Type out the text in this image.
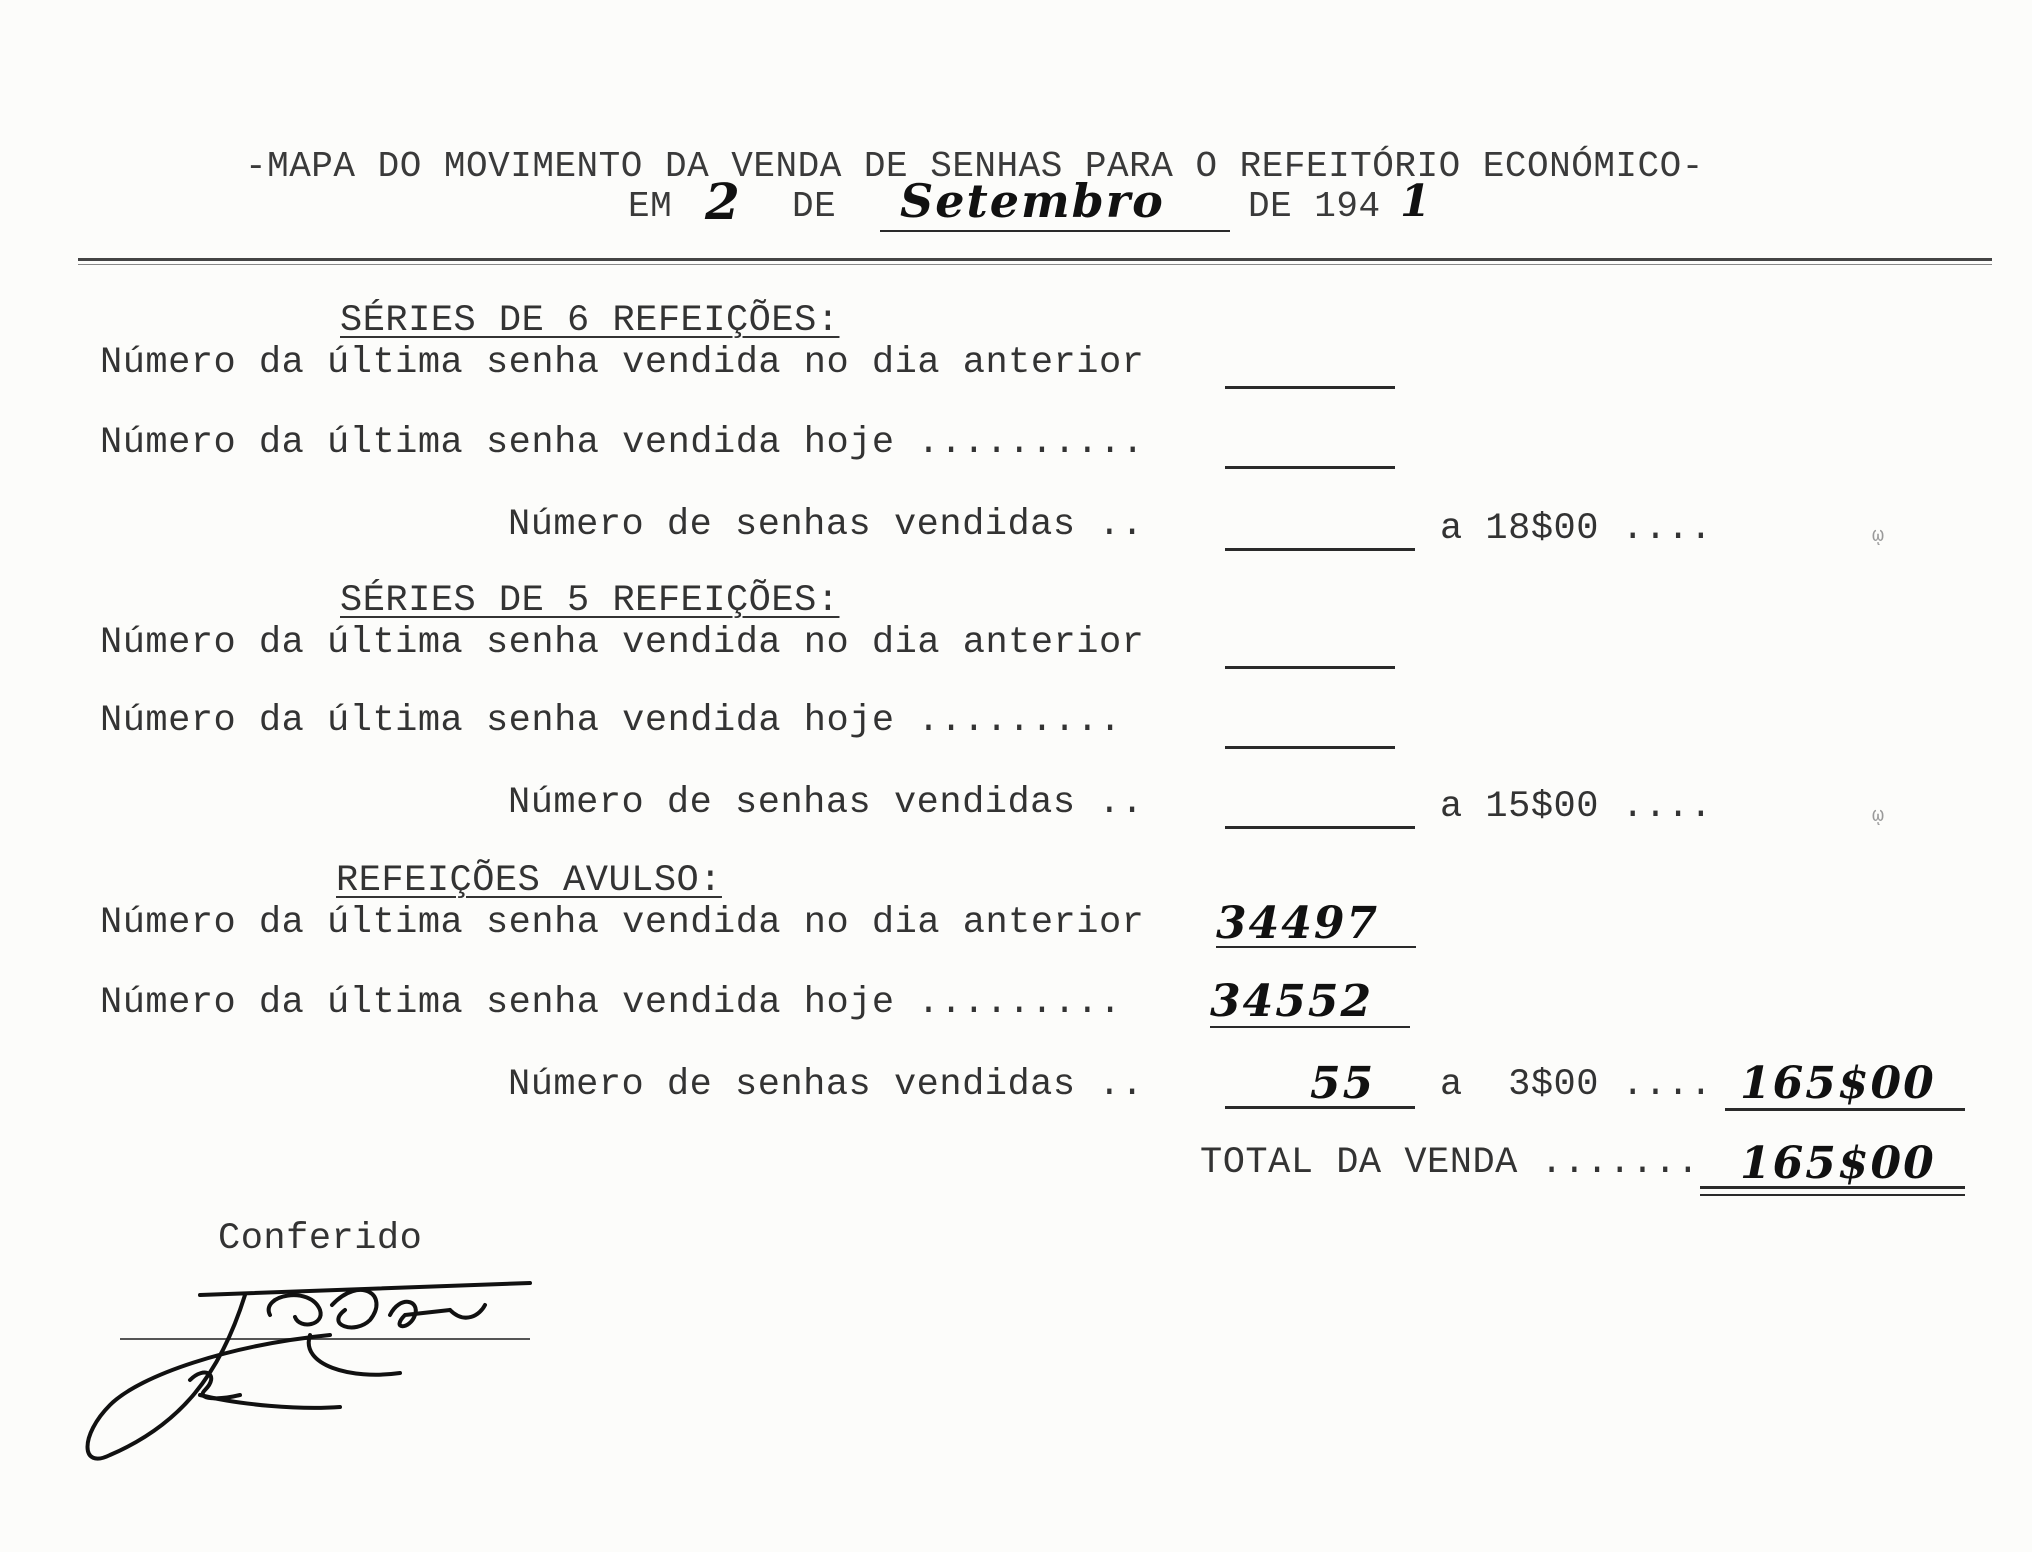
-MAPA DO MOVIMENTO DA VENDA DE SENHAS PARA O REFEITÓRIO ECONÓMICO-
EM 2 DE Setembro DE 194 1
SÉRIES DE 6 REFEIÇÕES:
Número da última senha vendida no dia anterior
Número da última senha vendida hoje ..........
Número de senhas vendidas ..	a 18$00 ....
SÉRIES DE 5 REFEIÇÕES:
Número da última senha vendida no dia anterior
Número da última senha vendida hoje .........
Número de senhas vendidas ..	a 15$00 ....
REFEIÇÕES AVULSO:
Número da última senha vendida no dia anterior 34497
Número da última senha vendida hoje ......... 34552
Número de senhas vendidas ..	55 a  3$00 .... 165$00
TOTAL DA VENDA ....... 165$00
Conferido
ῳ
ῳ
